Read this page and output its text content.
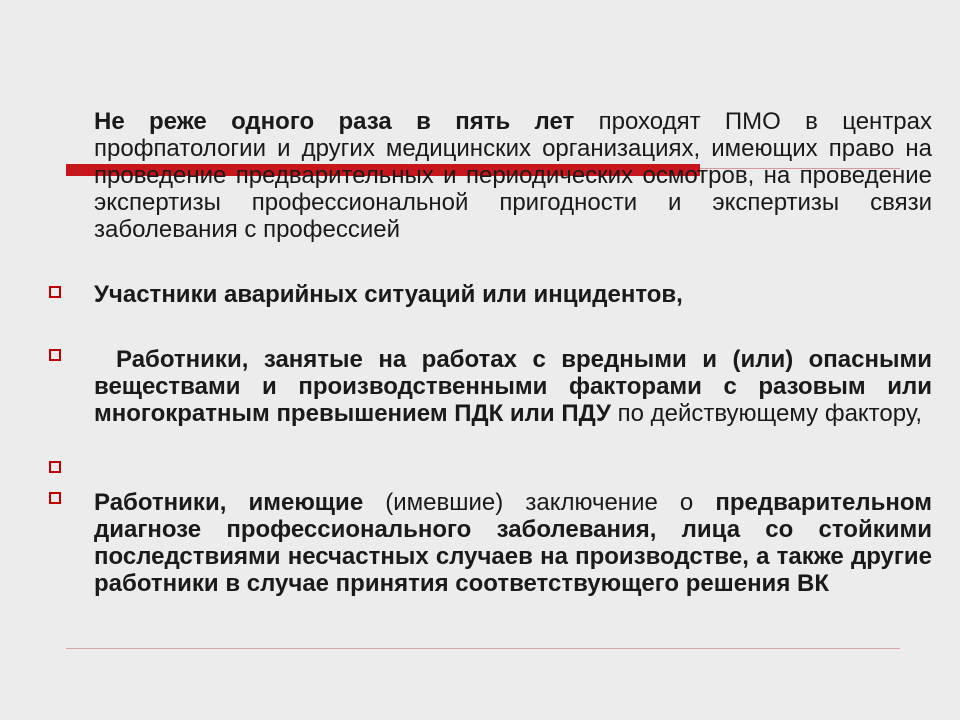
Не реже одного раза в пять лет проходят ПМО в центрах профпатологии и других медицинских организациях, имеющих право на проведение предварительных и периодических осмотров, на проведение экспертизы профессиональной пригодности и экспертизы связи заболевания с профессией

Участники аварийных ситуаций или инцидентов,

Работники, занятые на работах с вредными и (или) опасными веществами и производственными факторами с разовым или многократным превышением ПДК или ПДУ по действующему фактору,

Работники, имеющие (имевшие) заключение о предварительном диагнозе профессионального заболевания, лица со стойкими последствиями несчастных случаев на производстве, а также другие работники в случае принятия соответствующего решения ВК
